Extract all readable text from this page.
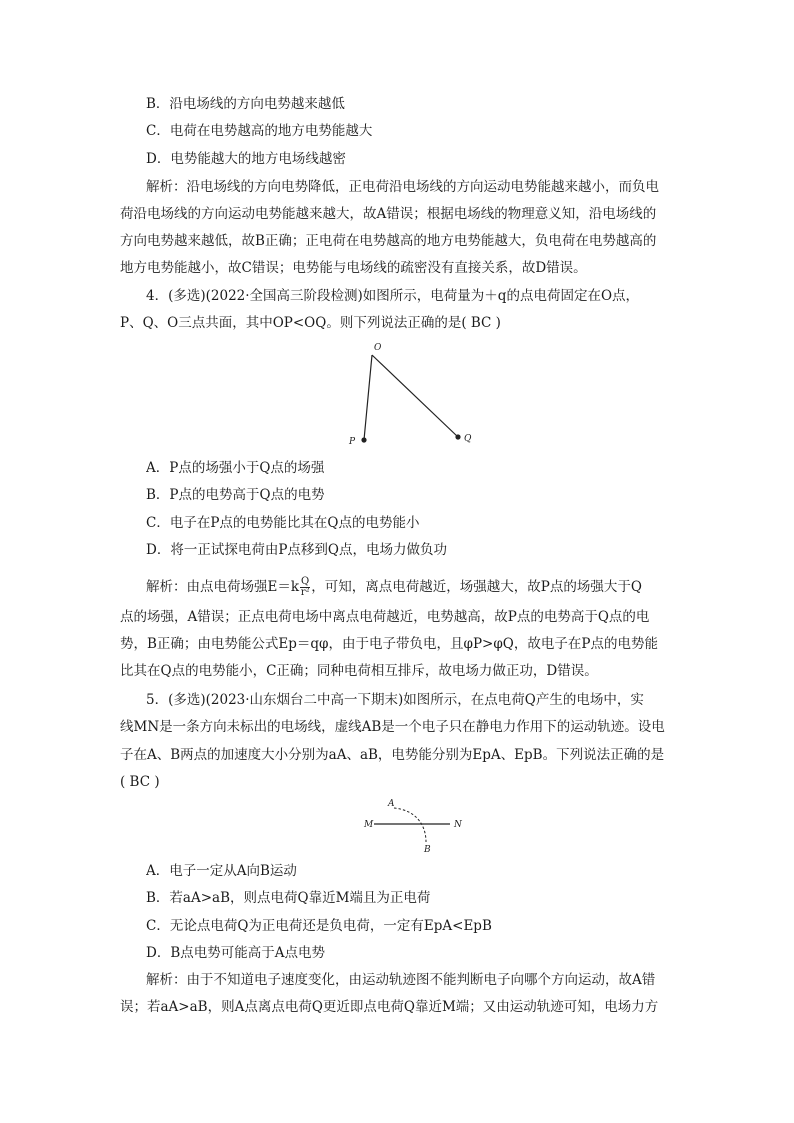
B．沿电场线的方向电势越来越低
C．电荷在电势越高的地方电势能越大
D．电势能越大的地方电场线越密
解析：沿电场线的方向电势降低，正电荷沿电场线的方向运动电势能越来越小，而负电
荷沿电场线的方向运动电势能越来越大，故A错误；根据电场线的物理意义知，沿电场线的
方向电势越来越低，故B正确；正电荷在电势越高的地方电势能越大，负电荷在电势越高的
地方电势能越小，故C错误；电势能与电场线的疏密没有直接关系，故D错误。
4．(多选)(2022·全国高三阶段检测)如图所示，电荷量为＋q的点电荷固定在O点，
P、Q、O三点共面，其中OP<OQ。则下列说法正确的是( BC )
O
P	Q
A．P点的场强小于Q点的场强
B．P点的电势高于Q点的电势
C．电子在P点的电势能比其在Q点的电势能小
D．将一正试探电荷由P点移到Q点，电场力做负功
解析：由点电荷场强$E=k \frac{Q}{\text{r²}}$ ，可知，离点电荷越近，场强越大，故P点的场强大于Q
点的场强，A错误；正点电荷电场中离点电荷越近，电势越高，故P点的电势高于Q点的电
势，B正确；由电势能公式Ep＝qφ，由于电子带负电，且φP>φQ，故电子在P点的电势能
比其在Q点的电势能小，C正确；同种电荷相互排斥，故电场力做正功，D错误。
5．(多选)(2023·山东烟台二中高一下期末)如图所示，在点电荷Q产生的电场中，实
线MN是一条方向未标出的电场线，虚线AB是一个电子只在静电力作用下的运动轨迹。设电
子在A、B两点的加速度大小分别为aA、aB，电势能分别为EpA、EpB。下列说法正确的是
( BC )
A
B
M	N
A．电子一定从A向B运动
B．若aA>aB，则点电荷Q靠近M端且为正电荷
C．无论点电荷Q为正电荷还是负电荷，一定有EpA<EpB
D．B点电势可能高于A点电势
解析：由于不知道电子速度变化，由运动轨迹图不能判断电子向哪个方向运动，故A错
误；若aA>aB，则A点离点电荷Q更近即点电荷Q靠近M端；又由运动轨迹可知，电场力方
